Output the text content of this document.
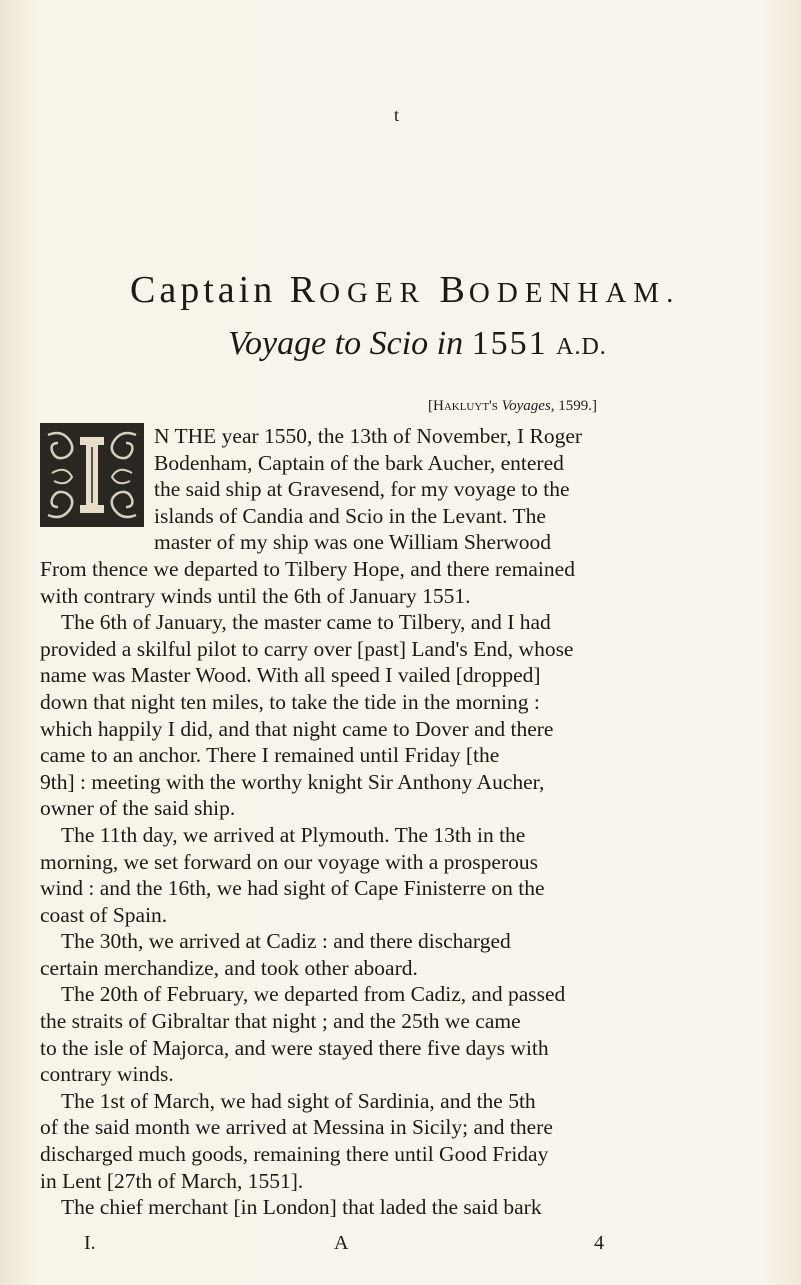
t
Captain ROGER BODENHAM.
Voyage to Scio in 1551 A.D.
[Hakluyt's Voyages, 1599.]
N THE year 1550, the 13th of November, I Roger
Bodenham, Captain of the bark Aucher, entered
the said ship at Gravesend, for my voyage to the
islands of Candia and Scio in the Levant. The
master of my ship was one William Sherwood
From thence we departed to Tilbery Hope, and there remained
with contrary winds until the 6th of January 1551.
The 6th of January, the master came to Tilbery, and I had
provided a skilful pilot to carry over [past] Land's End, whose
name was Master Wood. With all speed I vailed [dropped]
down that night ten miles, to take the tide in the morning :
which happily I did, and that night came to Dover and there
came to an anchor. There I remained until Friday [the
9th] : meeting with the worthy knight Sir Anthony Aucher,
owner of the said ship.
The 11th day, we arrived at Plymouth. The 13th in the
morning, we set forward on our voyage with a prosperous
wind : and the 16th, we had sight of Cape Finisterre on the
coast of Spain.
The 30th, we arrived at Cadiz : and there discharged
certain merchandize, and took other aboard.
The 20th of February, we departed from Cadiz, and passed
the straits of Gibraltar that night ; and the 25th we came
to the isle of Majorca, and were stayed there five days with
contrary winds.
The 1st of March, we had sight of Sardinia, and the 5th
of the said month we arrived at Messina in Sicily; and there
discharged much goods, remaining there until Good Friday
in Lent [27th of March, 1551].
The chief merchant [in London] that laded the said bark
I.	A	4
